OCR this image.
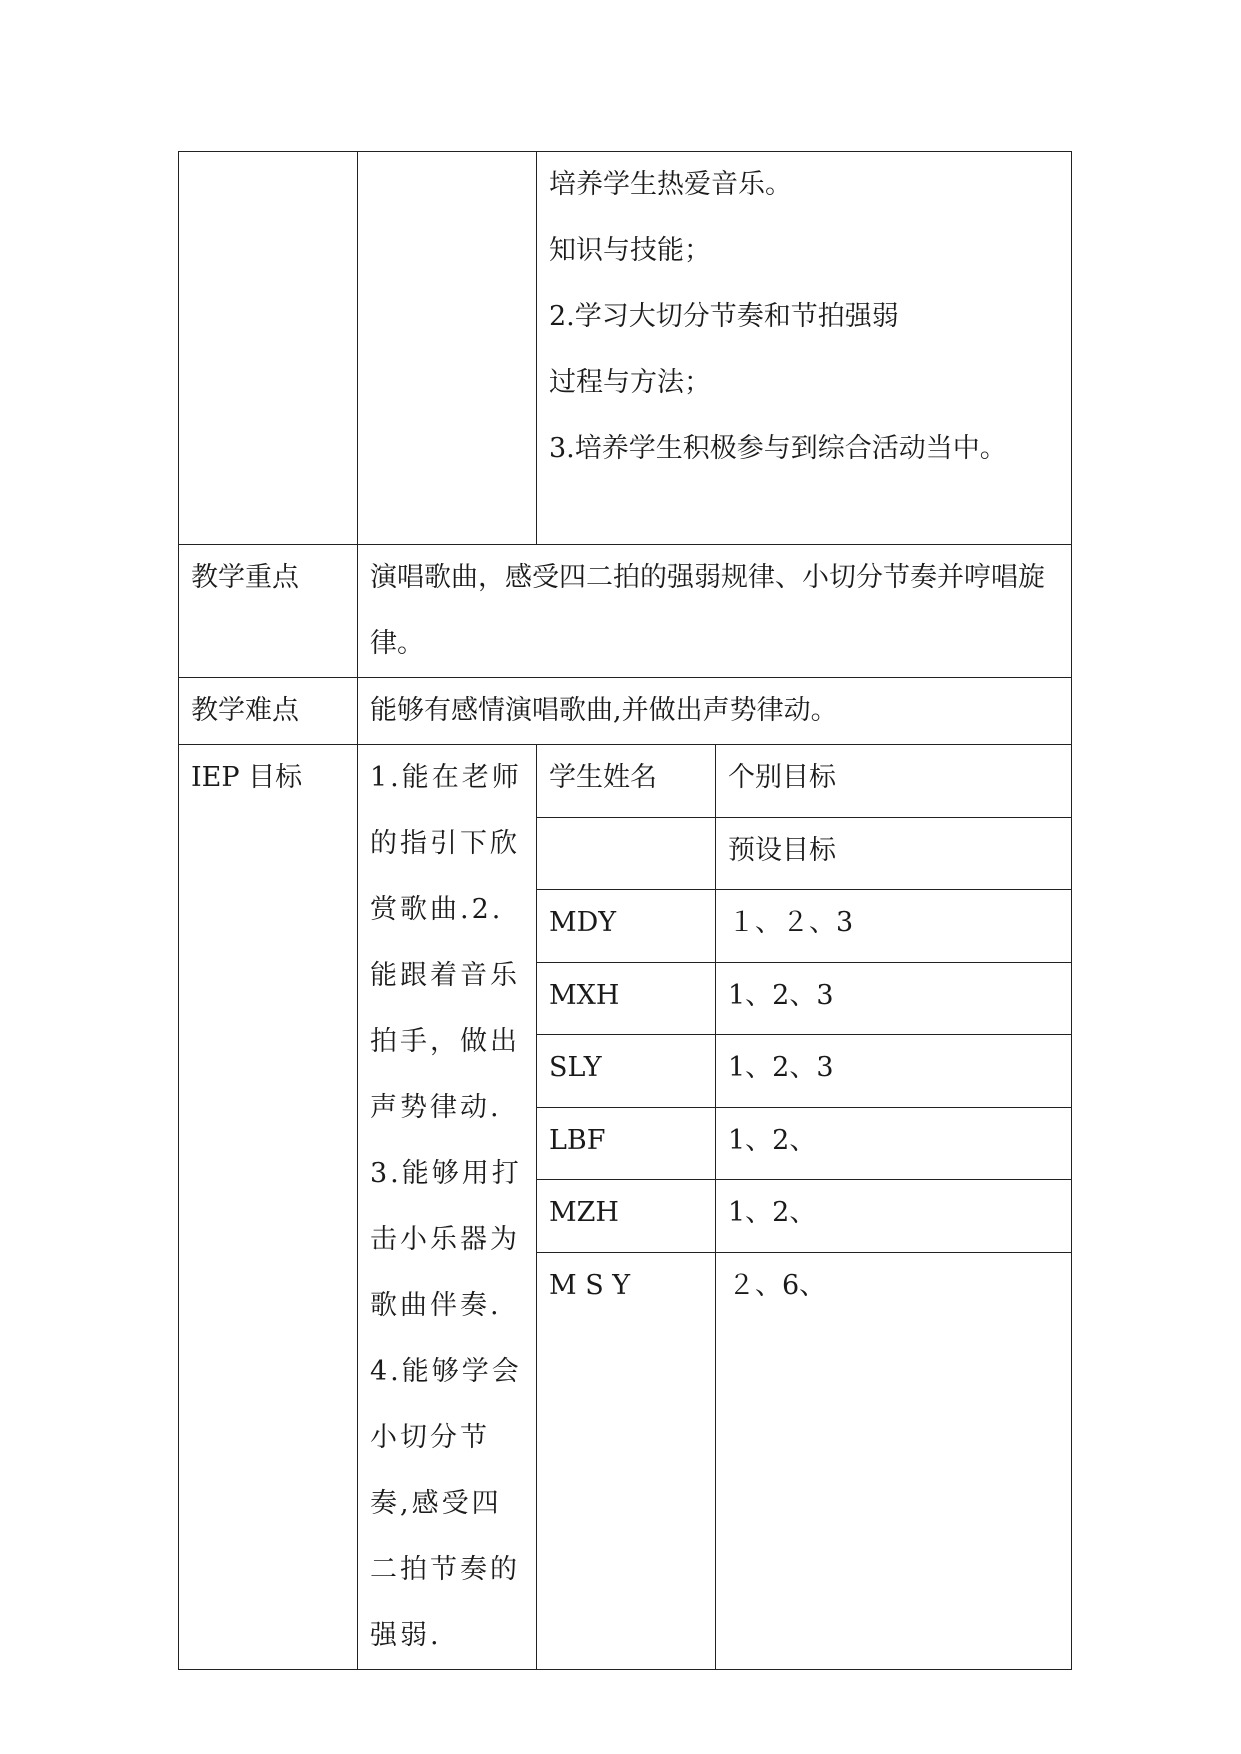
		培养学生热爱音乐。
知识与技能；
2.学习大切分节奏和节拍强弱
过程与方法；
3.培养学生积极参与到综合活动当中。	

教学重点	演唱歌曲，感受四二拍的强弱规律、小切分节奏并哼唱旋律。		
教学难点	能够有感情演唱歌曲,并做出声势律动。		
IEP 目标	1.能在老师的指引下欣赏歌曲.2.能跟着音乐拍手，做出声势律动.3.能够用打击小乐器为歌曲伴奏.4.能够学会小切分节奏,感受四二拍节奏的强弱.	学生姓名	个别目标
			预设目标
		MDY	１、２、3
		MXH	1、2、3
		SLY	1、2、3
		LBF	1、2、
		MZH	1、2、
		M S Y	２、6、
